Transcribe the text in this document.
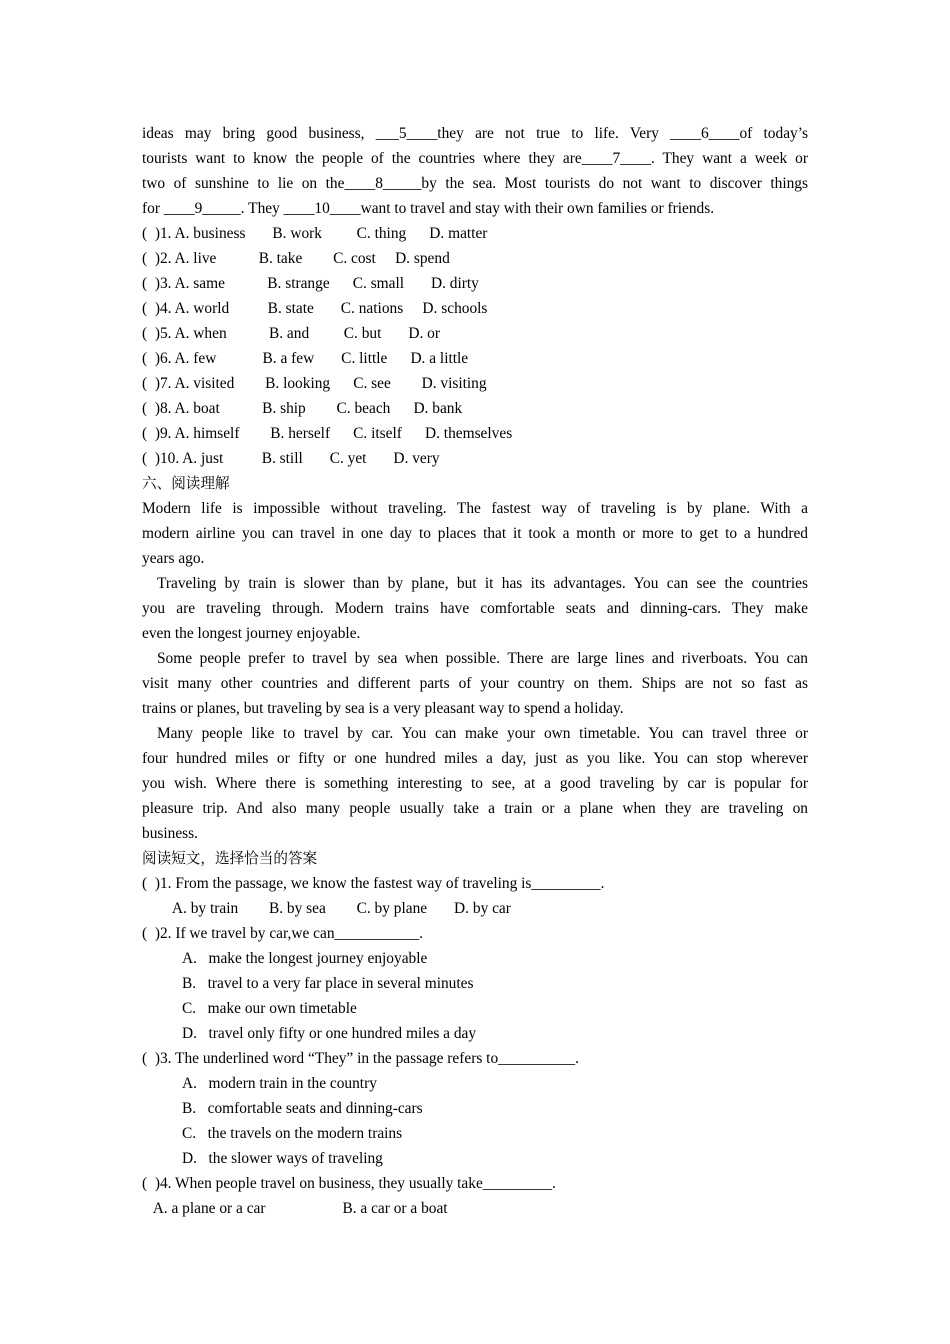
ideas may bring good business, ___5____they are not true to life. Very ____6____of today’s
tourists want to know the people of the countries where they are____7____. They want a week or
two of sunshine to lie on the____8_____by the sea. Most tourists do not want to discover things
for ____9_____. They ____10____want to travel and stay with their own families or friends.
(  )1. A. business       B. work         C. thing      D. matter
(  )2. A. live           B. take        C. cost     D. spend
(  )3. A. same           B. strange      C. small       D. dirty
(  )4. A. world          B. state       C. nations     D. schools
(  )5. A. when           B. and         C. but       D. or
(  )6. A. few            B. a few       C. little      D. a little
(  )7. A. visited        B. looking      C. see        D. visiting
(  )8. A. boat           B. ship        C. beach      D. bank
(  )9. A. himself        B. herself      C. itself      D. themselves
(  )10. A. just          B. still       C. yet       D. very
六、阅读理解
Modern life is impossible without traveling. The fastest way of traveling is by plane. With a
modern airline you can travel in one day to places that it took a month or more to get to a hundred
years ago.
Traveling by train is slower than by plane, but it has its advantages. You can see the countries
you are traveling through. Modern trains have comfortable seats and dinning-cars. They make
even the longest journey enjoyable.
Some people prefer to travel by sea when possible. There are large lines and riverboats. You can
visit many other countries and different parts of your country on them. Ships are not so fast as
trains or planes, but traveling by sea is a very pleasant way to spend a holiday.
Many people like to travel by car. You can make your own timetable. You can travel three or
four hundred miles or fifty or one hundred miles a day, just as you like. You can stop wherever
you wish. Where there is something interesting to see, at a good traveling by car is popular for
pleasure trip. And also many people usually take a train or a plane when they are traveling on
business.
阅读短文，选择恰当的答案
(  )1. From the passage, we know the fastest way of traveling is_________.
A. by train        B. by sea        C. by plane       D. by car
(  )2. If we travel by car,we can___________.
A.   make the longest journey enjoyable
B.   travel to a very far place in several minutes
C.   make our own timetable
D.   travel only fifty or one hundred miles a day
(  )3. The underlined word “They” in the passage refers to__________.
A.   modern train in the country
B.   comfortable seats and dinning-cars
C.   the travels on the modern trains
D.   the slower ways of traveling
(  )4. When people travel on business, they usually take_________.
A. a plane or a car                    B. a car or a boat
